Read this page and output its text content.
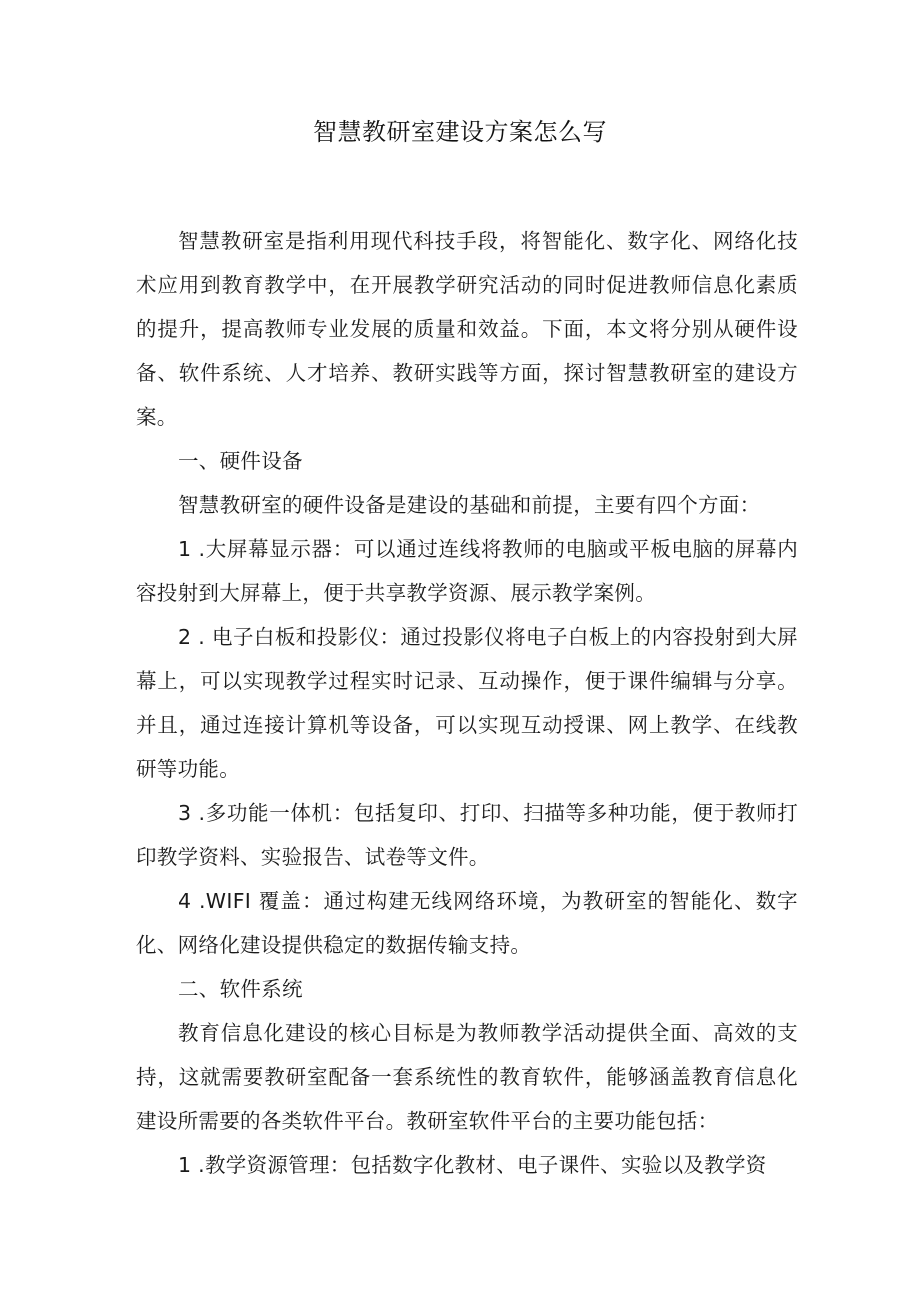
智慧教研室建设方案怎么写

智慧教研室是指利用现代科技手段，将智能化、数字化、网络化技术应用到教育教学中，在开展教学研究活动的同时促进教师信息化素质的提升，提高教师专业发展的质量和效益。下面，本文将分别从硬件设备、软件系统、人才培养、教研实践等方面，探讨智慧教研室的建设方案。

一、硬件设备

智慧教研室的硬件设备是建设的基础和前提，主要有四个方面：

1 .大屏幕显示器：可以通过连线将教师的电脑或平板电脑的屏幕内容投射到大屏幕上，便于共享教学资源、展示教学案例。

2 . 电子白板和投影仪：通过投影仪将电子白板上的内容投射到大屏幕上，可以实现教学过程实时记录、互动操作，便于课件编辑与分享。并且，通过连接计算机等设备，可以实现互动授课、网上教学、在线教研等功能。

3 .多功能一体机：包括复印、打印、扫描等多种功能，便于教师打印教学资料、实验报告、试卷等文件。

4 .WIFI 覆盖：通过构建无线网络环境，为教研室的智能化、数字化、网络化建设提供稳定的数据传输支持。

二、软件系统

教育信息化建设的核心目标是为教师教学活动提供全面、高效的支持，这就需要教研室配备一套系统性的教育软件，能够涵盖教育信息化建设所需要的各类软件平台。教研室软件平台的主要功能包括：

1 .教学资源管理：包括数字化教材、电子课件、实验以及教学资
